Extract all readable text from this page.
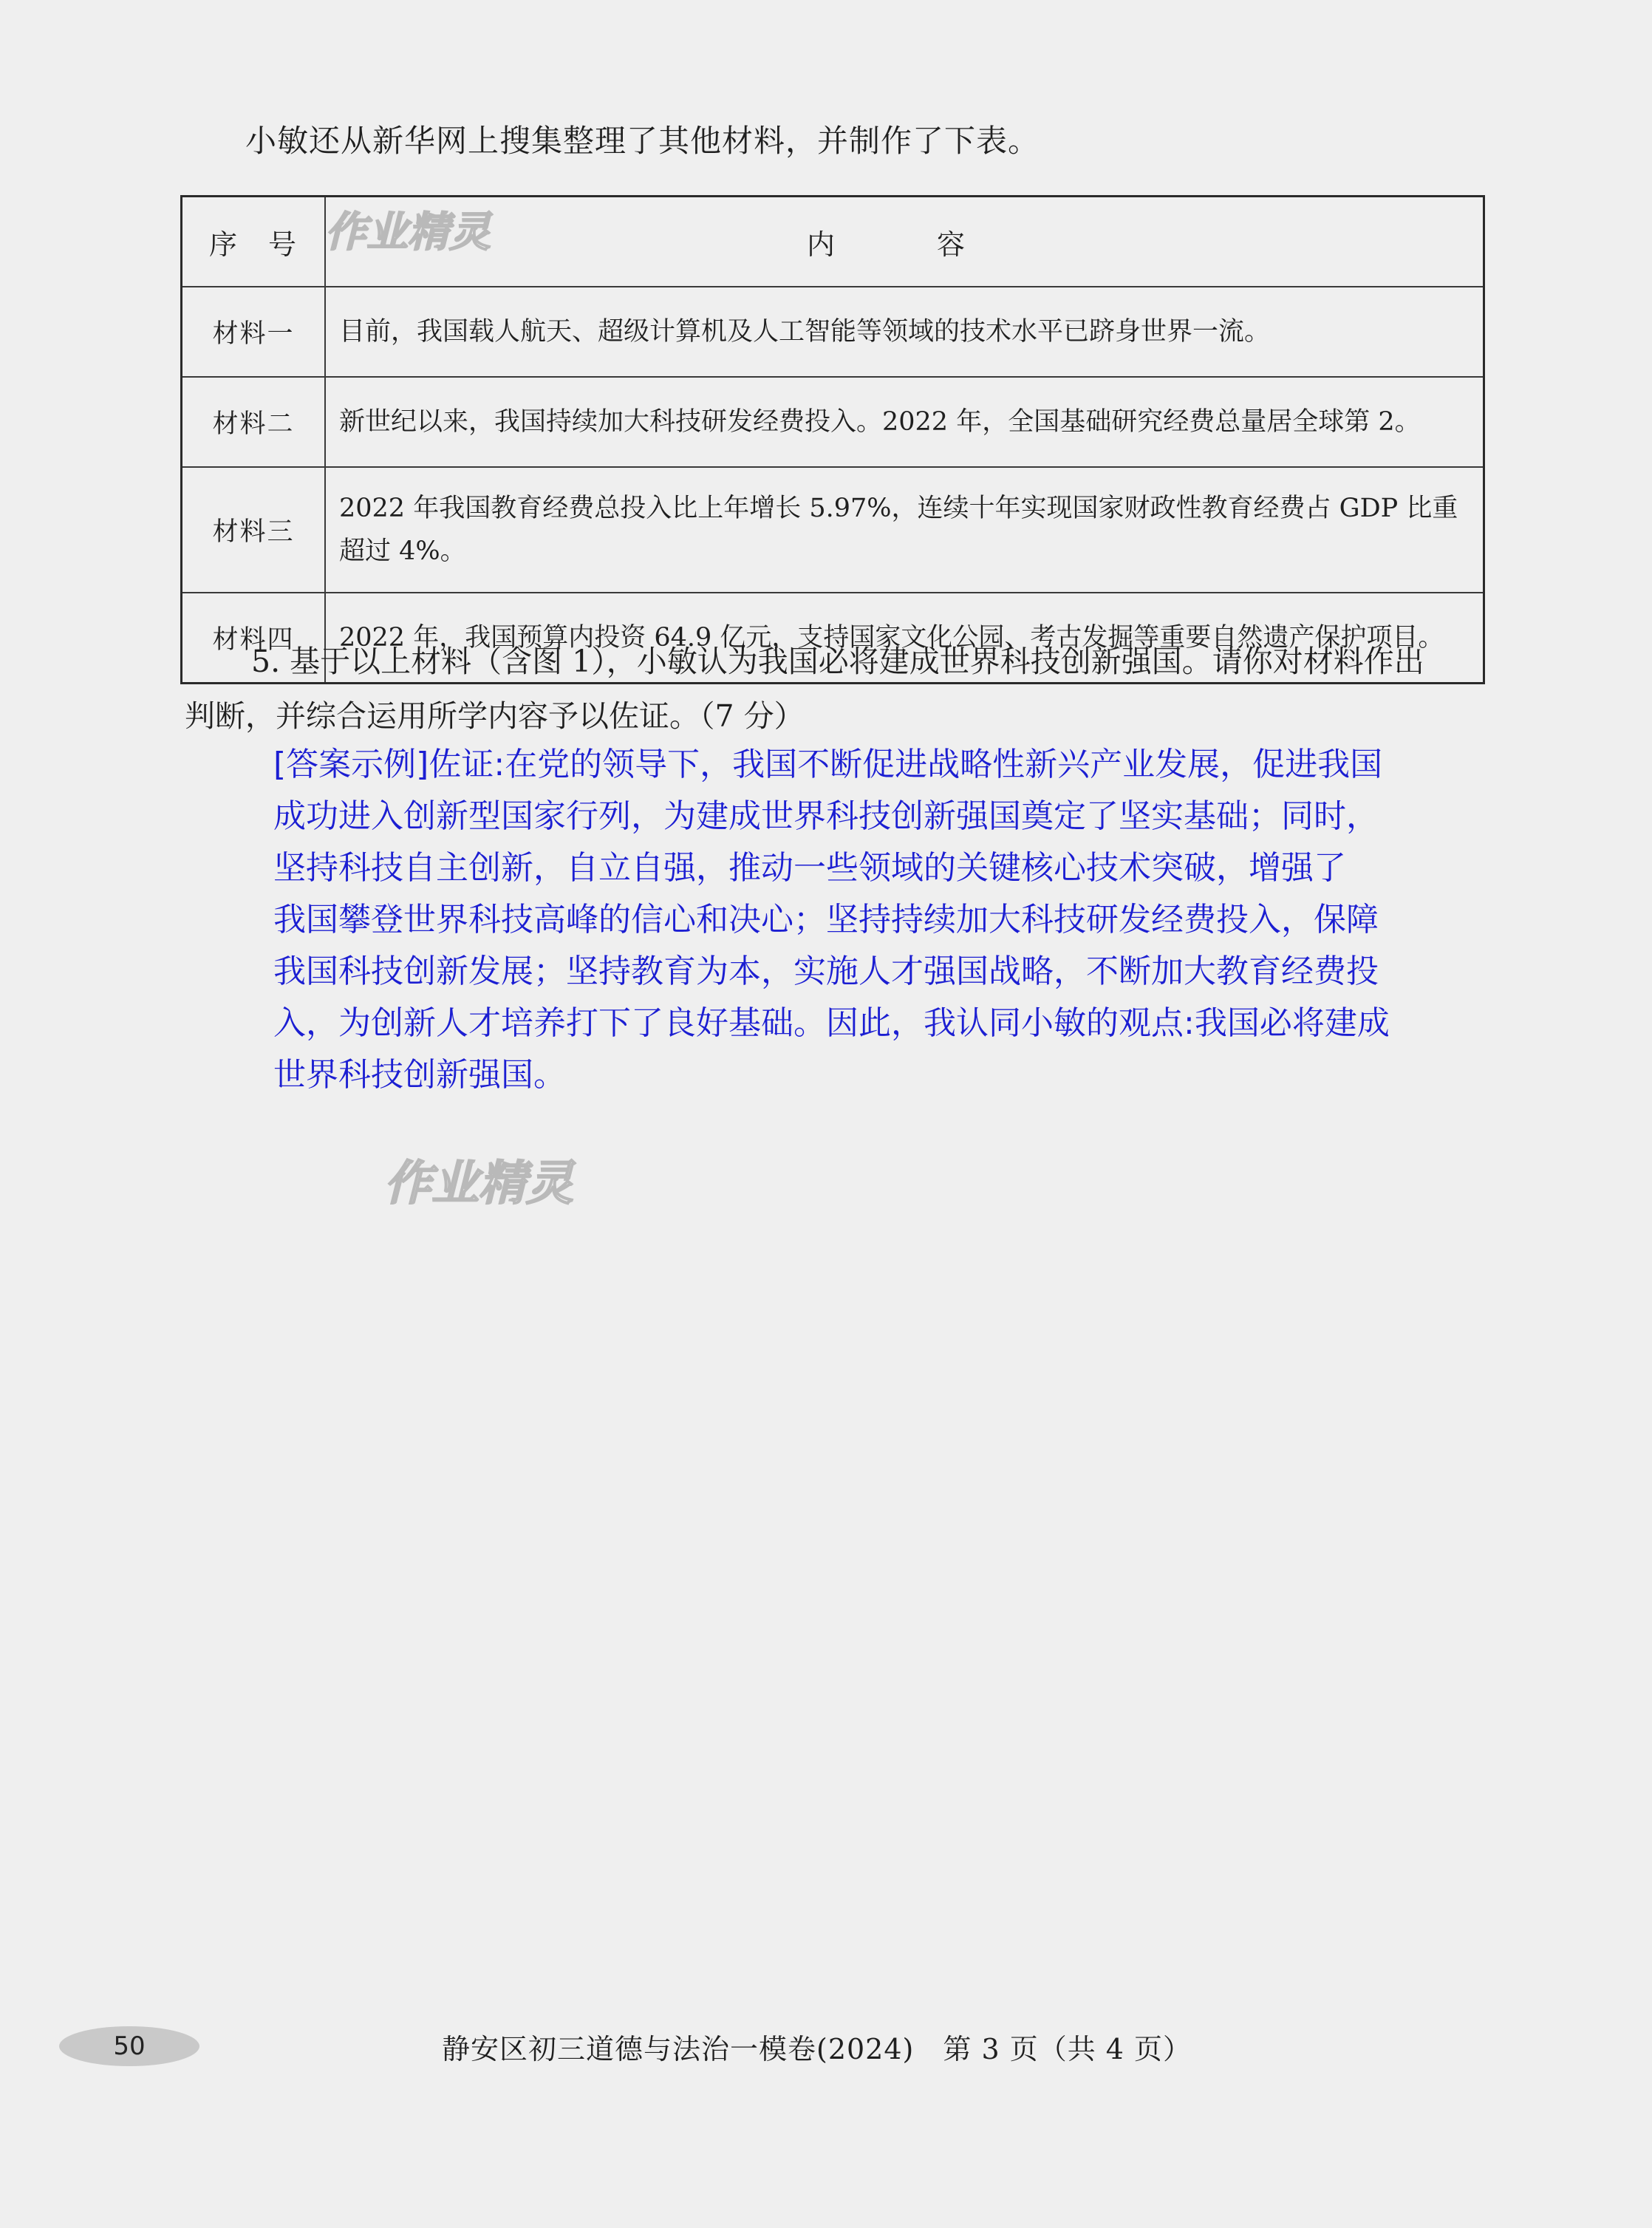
小敏还从新华网上搜集整理了其他材料，并制作了下表。
作业精灵
序　号	内　容
材料一	目前，我国载人航天、超级计算机及人工智能等领域的技术水平已跻身世界一流。
材料二	新世纪以来，我国持续加大科技研发经费投入。2022 年，全国基础研究经费总量居全球第 2。
材料三	2022 年我国教育经费总投入比上年增长 5.97%，连续十年实现国家财政性教育经费占 GDP 比重超过 4%。
材料四	2022 年，我国预算内投资 64.9 亿元，支持国家文化公园、考古发掘等重要自然遗产保护项目。
5. 基于以上材料（含图 1），小敏认为我国必将建成世界科技创新强国。请你对材料作出
判断，并综合运用所学内容予以佐证。（7 分）
[答案示例]佐证:在党的领导下，我国不断促进战略性新兴产业发展，促进我国
成功进入创新型国家行列，为建成世界科技创新强国奠定了坚实基础；同时，
坚持科技自主创新，自立自强，推动一些领域的关键核心技术突破，增强了
我国攀登世界科技高峰的信心和决心；坚持持续加大科技研发经费投入，保障
我国科技创新发展；坚持教育为本，实施人才强国战略，不断加大教育经费投
入，为创新人才培养打下了良好基础。因此，我认同小敏的观点:我国必将建成
世界科技创新强国。
作业精灵
50	静安区初三道德与法治一模卷(2024)　第 3 页（共 4 页）
